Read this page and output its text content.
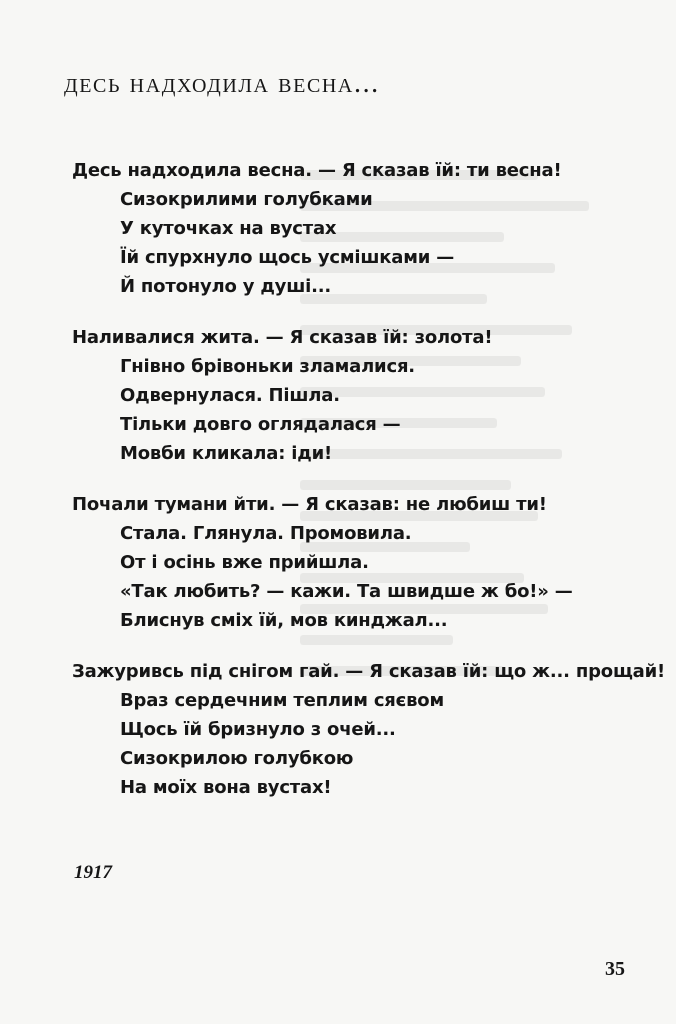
десь надходила весна...
Десь надходила весна. — Я сказав їй: ти весна!
Сизокрилими голубками
У куточках на вустах
Їй спурхнуло щось усмішками —
Й потонуло у душі...
Наливалися жита. — Я сказав їй: золота!
Гнівно брівоньки зламалися.
Одвернулася. Пішла.
Тільки довго оглядалася —
Мовби кликала: іди!
Почали тумани йти. — Я сказав: не любиш ти!
Стала. Глянула. Промовила.
От і осінь вже прийшла.
«Так любить? — кажи. Та швидше ж бо!» —
Блиснув сміх їй, мов кинджал...
Зажуривсь під снігом гай. — Я сказав їй: що ж... прощай!
Враз сердечним теплим сяєвом
Щось їй бризнуло з очей...
Сизокрилою голубкою
На моїх вона вустах!
1917
35
